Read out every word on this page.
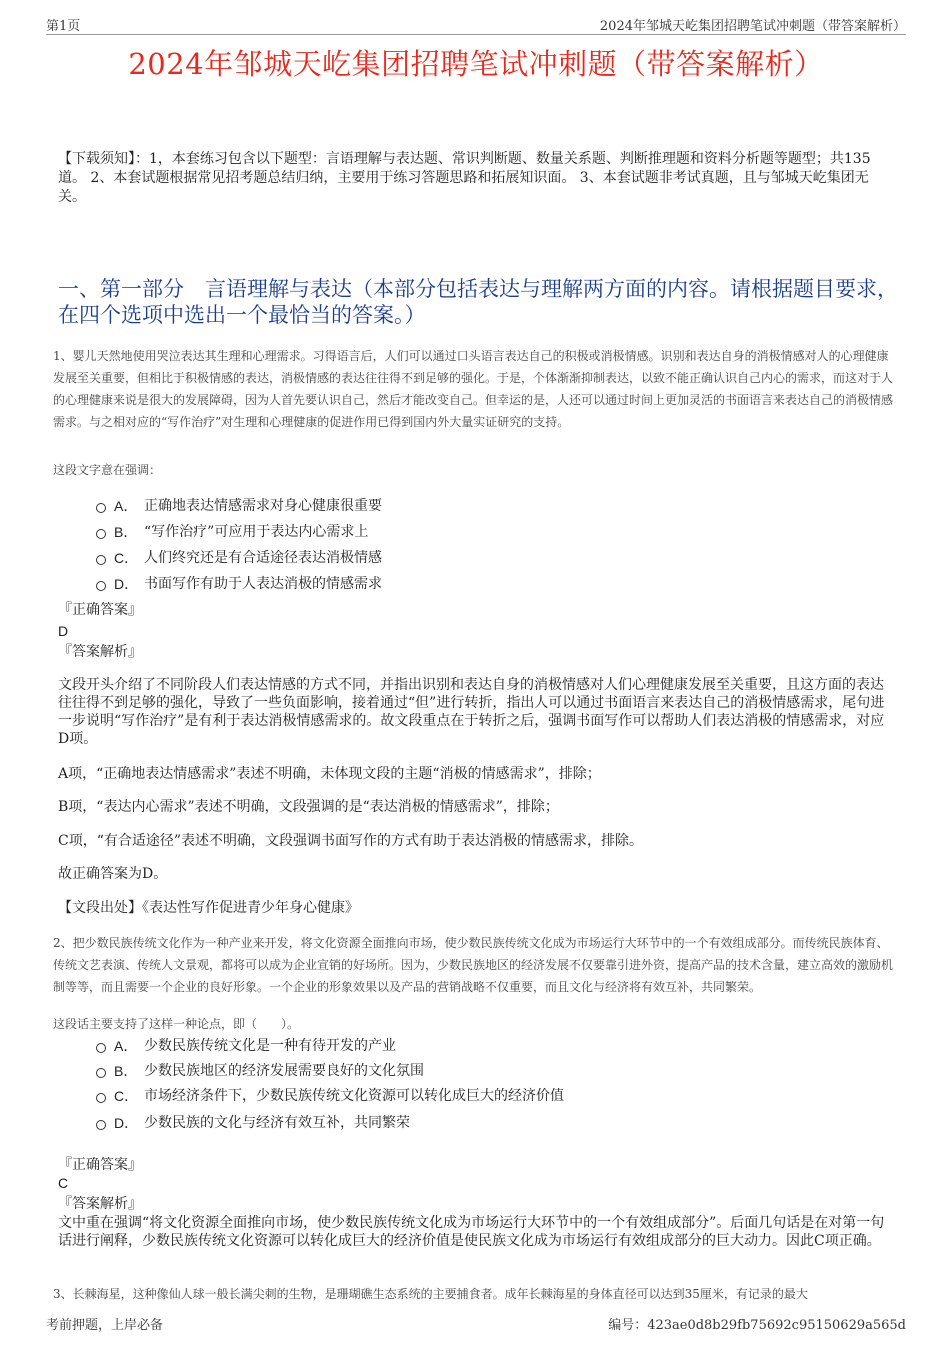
第1页	2024年邹城天屹集团招聘笔试冲刺题（带答案解析）
2024年邹城天屹集团招聘笔试冲刺题（带答案解析）
【下载须知】：1，本套练习包含以下题型：言语理解与表达题、常识判断题、数量关系题、判断推理题和资料分析题等题型；共135道。 2、本套试题根据常见招考题总结归纳，主要用于练习答题思路和拓展知识面。 3、本套试题非考试真题，且与邹城天屹集团无关。
一、第一部分　言语理解与表达（本部分包括表达与理解两方面的内容。请根据题目要求，在四个选项中选出一个最恰当的答案。）
1、婴儿天然地使用哭泣表达其生理和心理需求。习得语言后，人们可以通过口头语言表达自己的积极或消极情感。识别和表达自身的消极情感对人的心理健康发展至关重要，但相比于积极情感的表达，消极情感的表达往往得不到足够的强化。于是，个体渐渐抑制表达，以致不能正确认识自己内心的需求，而这对于人的心理健康来说是很大的发展障碍，因为人首先要认识自己，然后才能改变自己。但幸运的是，人还可以通过时间上更加灵活的书面语言来表达自己的消极情感需求。与之相对应的“写作治疗”对生理和心理健康的促进作用已得到国内外大量实证研究的支持。
这段文字意在强调：
A． 正确地表达情感需求对身心健康很重要
B． “写作治疗”可应用于表达内心需求上
C． 人们终究还是有合适途径表达消极情感
D． 书面写作有助于人表达消极的情感需求
『正确答案』
D
『答案解析』
文段开头介绍了不同阶段人们表达情感的方式不同，并指出识别和表达自身的消极情感对人们心理健康发展至关重要，且这方面的表达往往得不到足够的强化，导致了一些负面影响，接着通过“但”进行转折，指出人可以通过书面语言来表达自己的消极情感需求，尾句进一步说明“写作治疗”是有利于表达消极情感需求的。故文段重点在于转折之后，强调书面写作可以帮助人们表达消极的情感需求，对应D项。
A项，“正确地表达情感需求”表述不明确，未体现文段的主题“消极的情感需求”，排除；
B项，“表达内心需求”表述不明确，文段强调的是“表达消极的情感需求”，排除；
C项，“有合适途径”表述不明确，文段强调书面写作的方式有助于表达消极的情感需求，排除。
故正确答案为D。
【文段出处】《表达性写作促进青少年身心健康》
2、把少数民族传统文化作为一种产业来开发，将文化资源全面推向市场，使少数民族传统文化成为市场运行大环节中的一个有效组成部分。而传统民族体育、传统文艺表演、传统人文景观，都将可以成为企业宣销的好场所。因为，少数民族地区的经济发展不仅要靠引进外资，提高产品的技术含量，建立高效的激励机制等等，而且需要一个企业的良好形象。一个企业的形象效果以及产品的营销战略不仅重要，而且文化与经济将有效互补，共同繁荣。
这段话主要支持了这样一种论点，即（　　）。
A． 少数民族传统文化是一种有待开发的产业
B． 少数民族地区的经济发展需要良好的文化氛围
C． 市场经济条件下，少数民族传统文化资源可以转化成巨大的经济价值
D． 少数民族的文化与经济有效互补，共同繁荣
『正确答案』
C
『答案解析』
文中重在强调“将文化资源全面推向市场，使少数民族传统文化成为市场运行大环节中的一个有效组成部分”。后面几句话是在对第一句话进行阐释，少数民族传统文化资源可以转化成巨大的经济价值是使民族文化成为市场运行有效组成部分的巨大动力。因此C项正确。
3、长棘海星，这种像仙人球一般长满尖刺的生物，是珊瑚礁生态系统的主要捕食者。成年长棘海星的身体直径可以达到35厘米，有记录的最大
考前押题，上岸必备	编号：423ae0d8b29fb75692c95150629a565d
